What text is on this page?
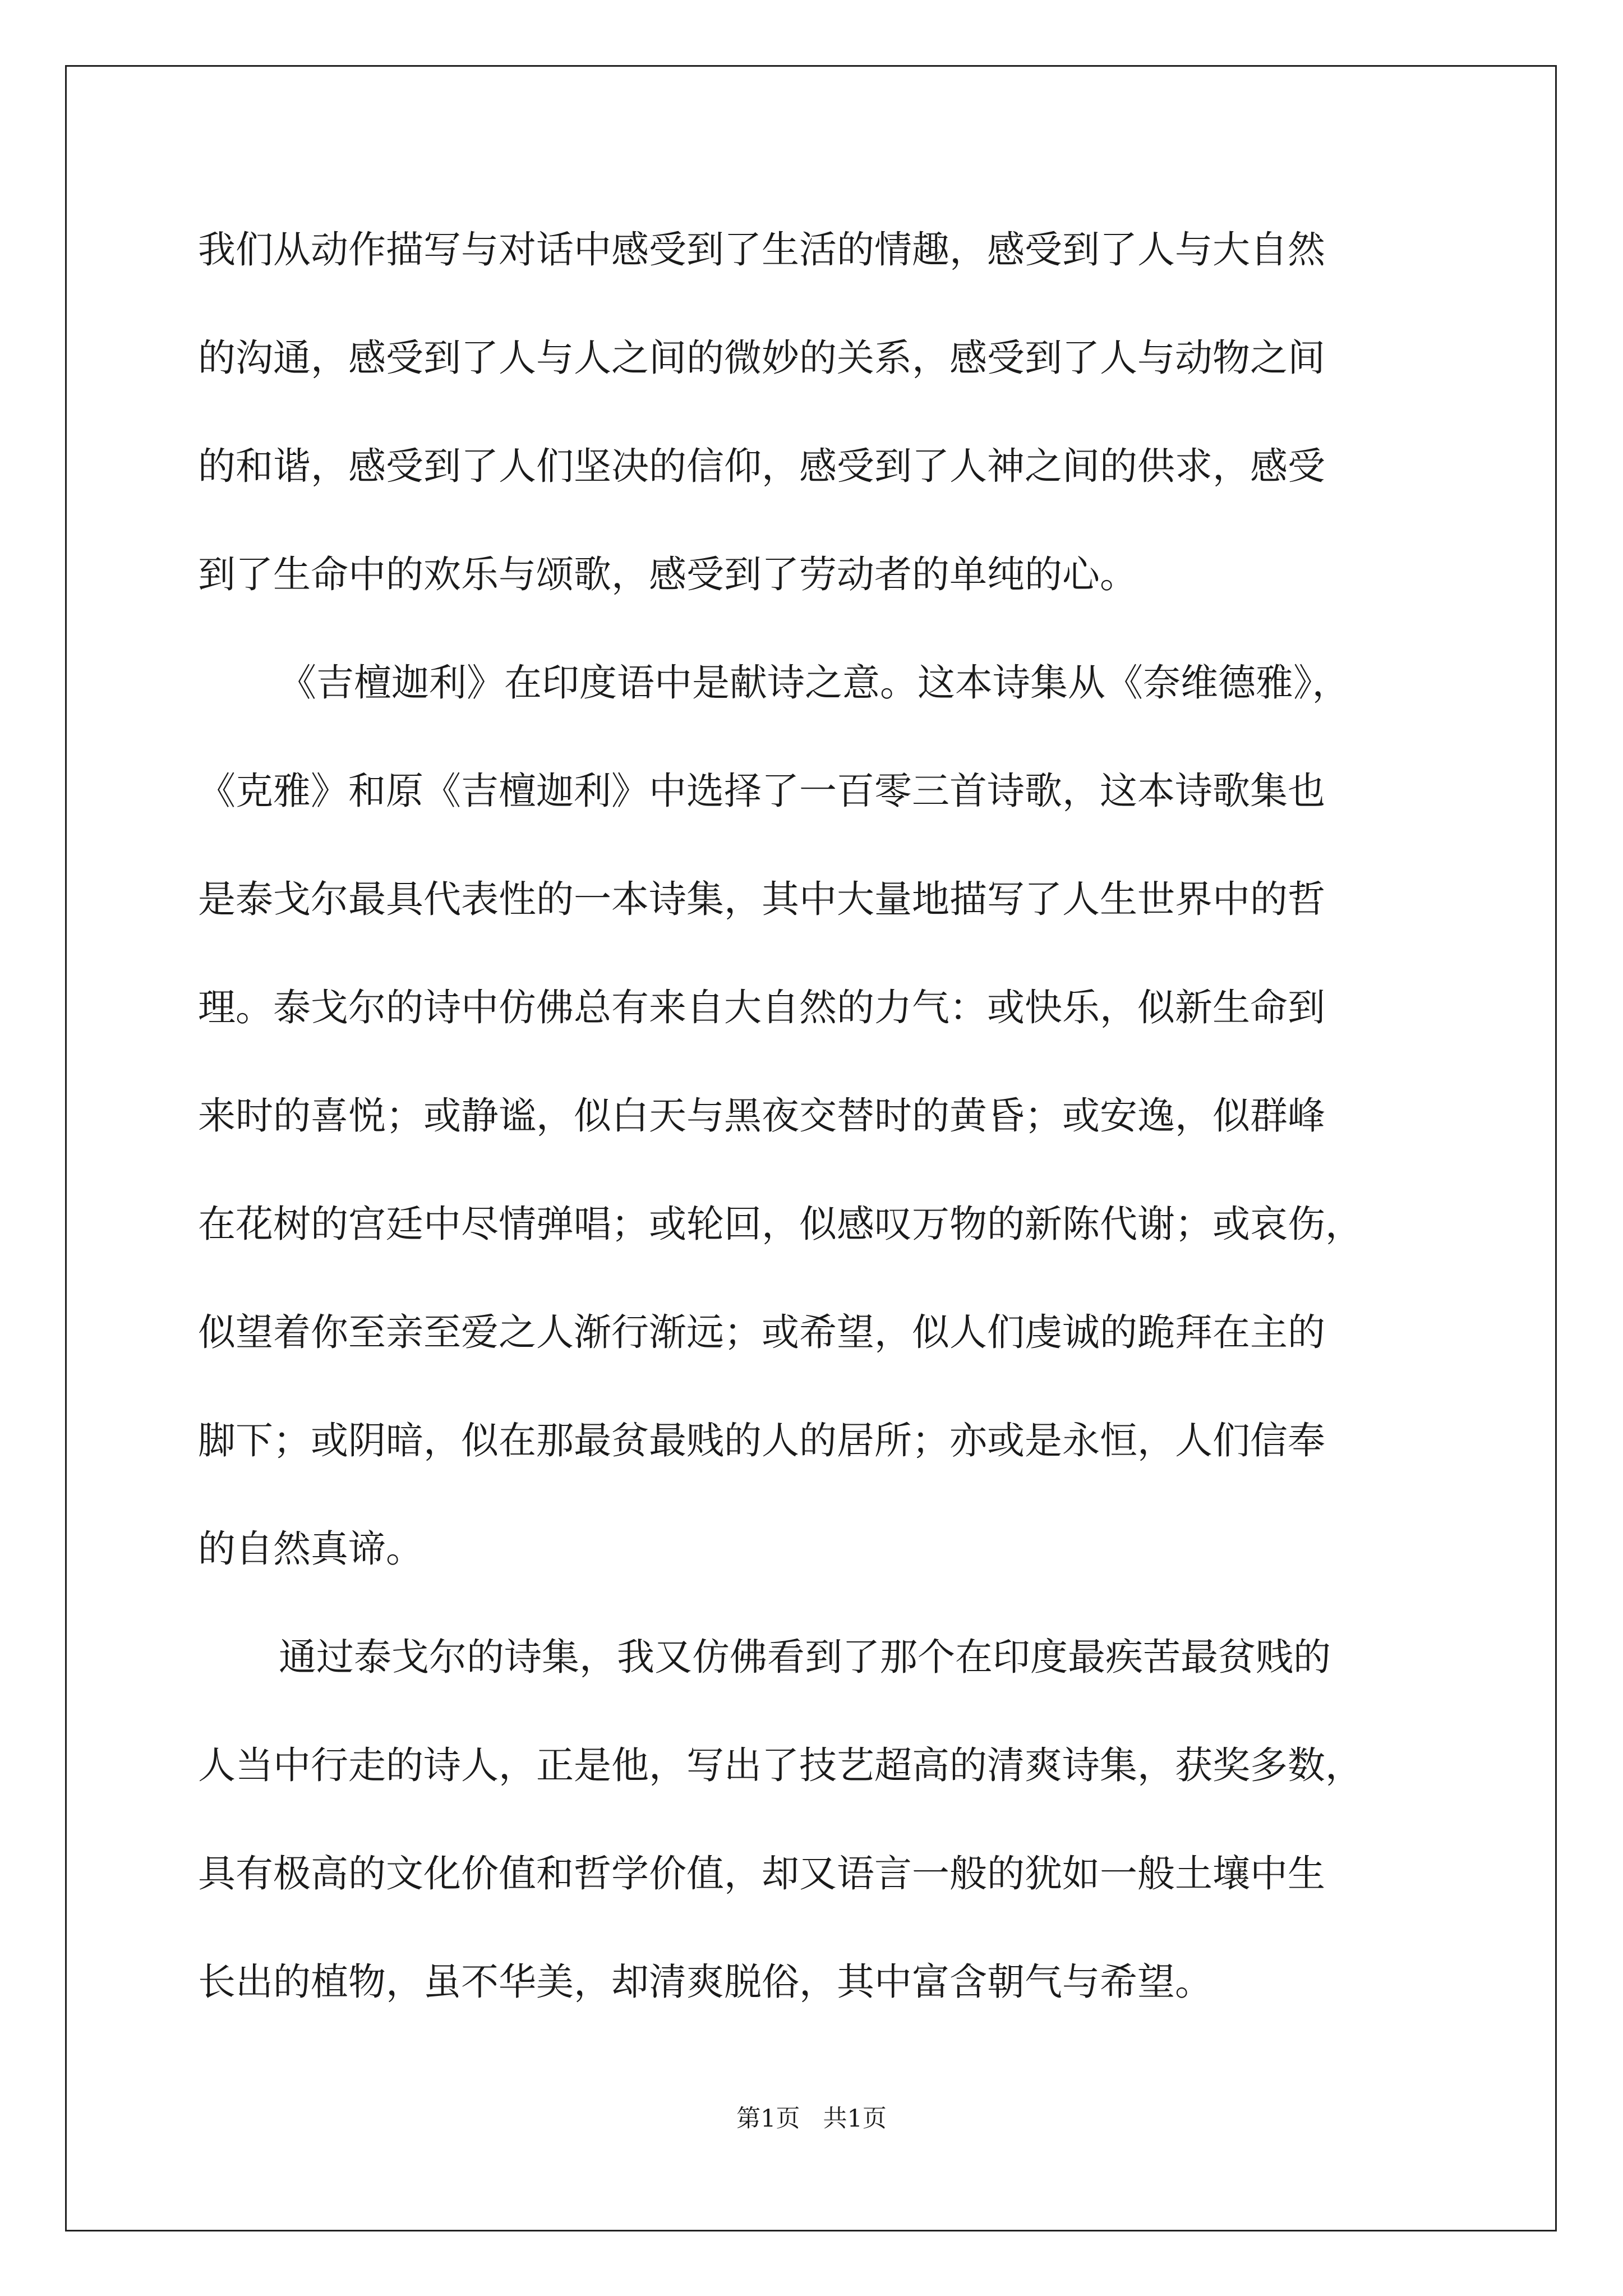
我们从动作描写与对话中感受到了生活的情趣，感受到了人与大自然
的沟通，感受到了人与人之间的微妙的关系，感受到了人与动物之间
的和谐，感受到了人们坚决的信仰，感受到了人神之间的供求，感受
到了生命中的欢乐与颂歌，感受到了劳动者的单纯的心。
《吉檀迦利》在印度语中是献诗之意。这本诗集从《奈维德雅》，
《克雅》和原《吉檀迦利》中选择了一百零三首诗歌，这本诗歌集也
是泰戈尔最具代表性的一本诗集，其中大量地描写了人生世界中的哲
理。泰戈尔的诗中仿佛总有来自大自然的力气：或快乐，似新生命到
来时的喜悦；或静谧，似白天与黑夜交替时的黄昏；或安逸，似群峰
在花树的宫廷中尽情弹唱；或轮回，似感叹万物的新陈代谢；或哀伤，
似望着你至亲至爱之人渐行渐远；或希望，似人们虔诚的跪拜在主的
脚下；或阴暗，似在那最贫最贱的人的居所；亦或是永恒，人们信奉
的自然真谛。
通过泰戈尔的诗集，我又仿佛看到了那个在印度最疾苦最贫贱的
人当中行走的诗人，正是他，写出了技艺超高的清爽诗集，获奖多数，
具有极高的文化价值和哲学价值，却又语言一般的犹如一般土壤中生
长出的植物，虽不华美，却清爽脱俗，其中富含朝气与希望。
第1页   共1页
